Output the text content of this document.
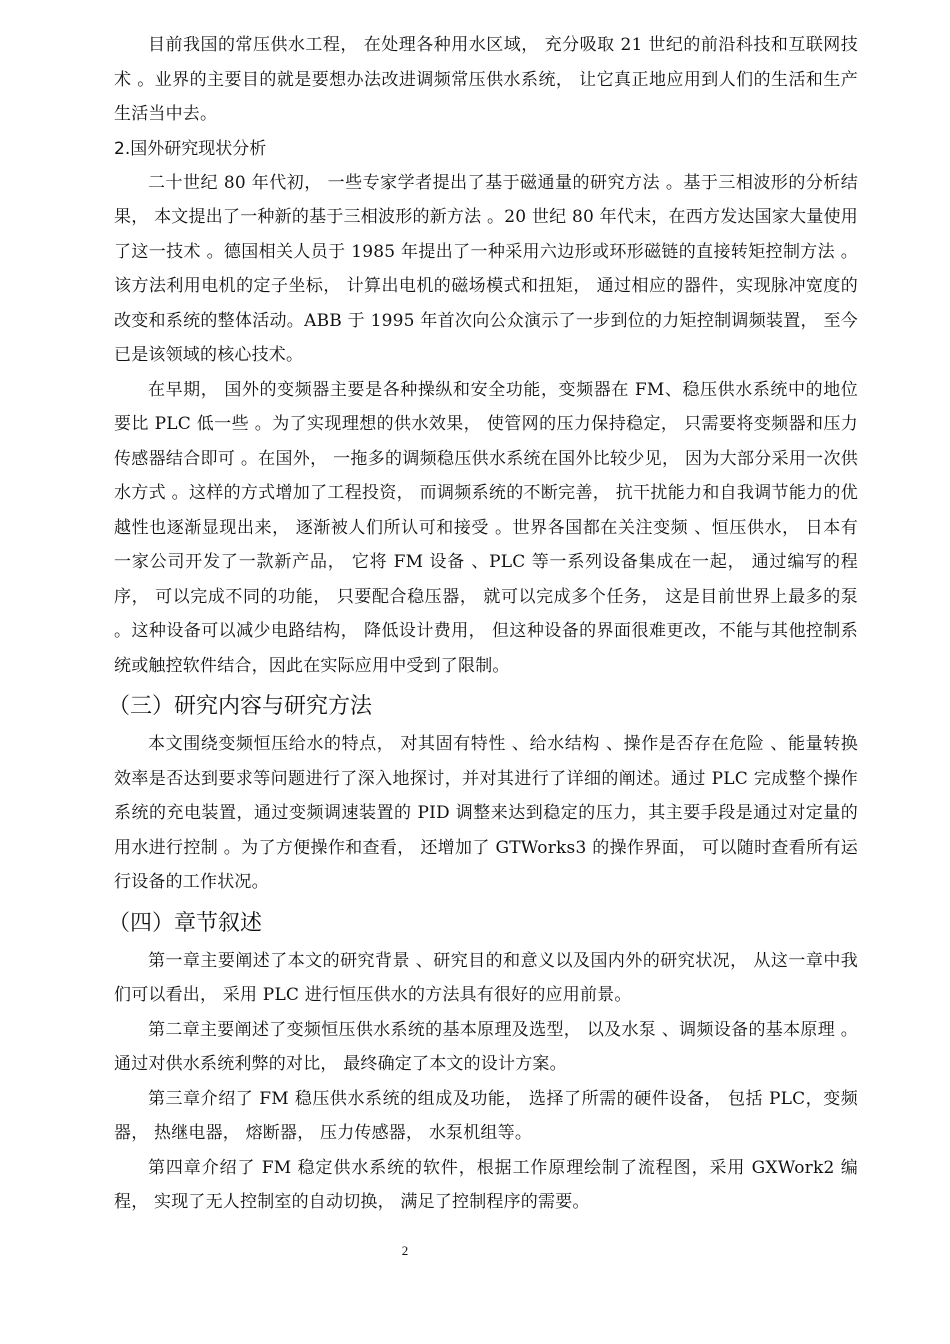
目前我国的常压供水工程， 在处理各种用水区域， 充分吸取 21 世纪的前沿科技和互联网技术 。业界的主要目的就是要想办法改进调频常压供水系统， 让它真正地应用到人们的生活和生产生活当中去。

2.国外研究现状分析

二十世纪 80 年代初， 一些专家学者提出了基于磁通量的研究方法 。基于三相波形的分析结果， 本文提出了一种新的基于三相波形的新方法 。20 世纪 80 年代末，在西方发达国家大量使用了这一技术 。德国相关人员于 1985 年提出了一种采用六边形或环形磁链的直接转矩控制方法 。该方法利用电机的定子坐标， 计算出电机的磁场模式和扭矩， 通过相应的器件，实现脉冲宽度的改变和系统的整体活动。ABB 于 1995 年首次向公众演示了一步到位的力矩控制调频装置， 至今已是该领域的核心技术。

在早期， 国外的变频器主要是各种操纵和安全功能，变频器在 FM、稳压供水系统中的地位要比 PLC 低一些 。为了实现理想的供水效果， 使管网的压力保持稳定， 只需要将变频器和压力传感器结合即可 。在国外， 一拖多的调频稳压供水系统在国外比较少见， 因为大部分采用一次供水方式 。这样的方式增加了工程投资， 而调频系统的不断完善， 抗干扰能力和自我调节能力的优越性也逐渐显现出来， 逐渐被人们所认可和接受 。世界各国都在关注变频 、恒压供水， 日本有一家公司开发了一款新产品， 它将 FM 设备 、PLC 等一系列设备集成在一起， 通过编写的程序， 可以完成不同的功能， 只要配合稳压器， 就可以完成多个任务， 这是目前世界上最多的泵 。这种设备可以减少电路结构， 降低设计费用， 但这种设备的界面很难更改，不能与其他控制系统或触控软件结合，因此在实际应用中受到了限制。

（三）研究内容与研究方法

本文围绕变频恒压给水的特点， 对其固有特性 、给水结构 、操作是否存在危险 、能量转换效率是否达到要求等问题进行了深入地探讨，并对其进行了详细的阐述。通过 PLC 完成整个操作系统的充电装置，通过变频调速装置的 PID 调整来达到稳定的压力，其主要手段是通过对定量的用水进行控制 。为了方便操作和查看， 还增加了 GTWorks3 的操作界面， 可以随时查看所有运行设备的工作状况。

（四）章节叙述

第一章主要阐述了本文的研究背景 、研究目的和意义以及国内外的研究状况， 从这一章中我们可以看出， 采用 PLC 进行恒压供水的方法具有很好的应用前景。

第二章主要阐述了变频恒压供水系统的基本原理及选型， 以及水泵 、调频设备的基本原理 。通过对供水系统利弊的对比， 最终确定了本文的设计方案。

第三章介绍了 FM 稳压供水系统的组成及功能， 选择了所需的硬件设备， 包括 PLC，变频器， 热继电器， 熔断器， 压力传感器， 水泵机组等。

第四章介绍了 FM 稳定供水系统的软件，根据工作原理绘制了流程图，采用 GXWork2 编程， 实现了无人控制室的自动切换， 满足了控制程序的需要。

2
